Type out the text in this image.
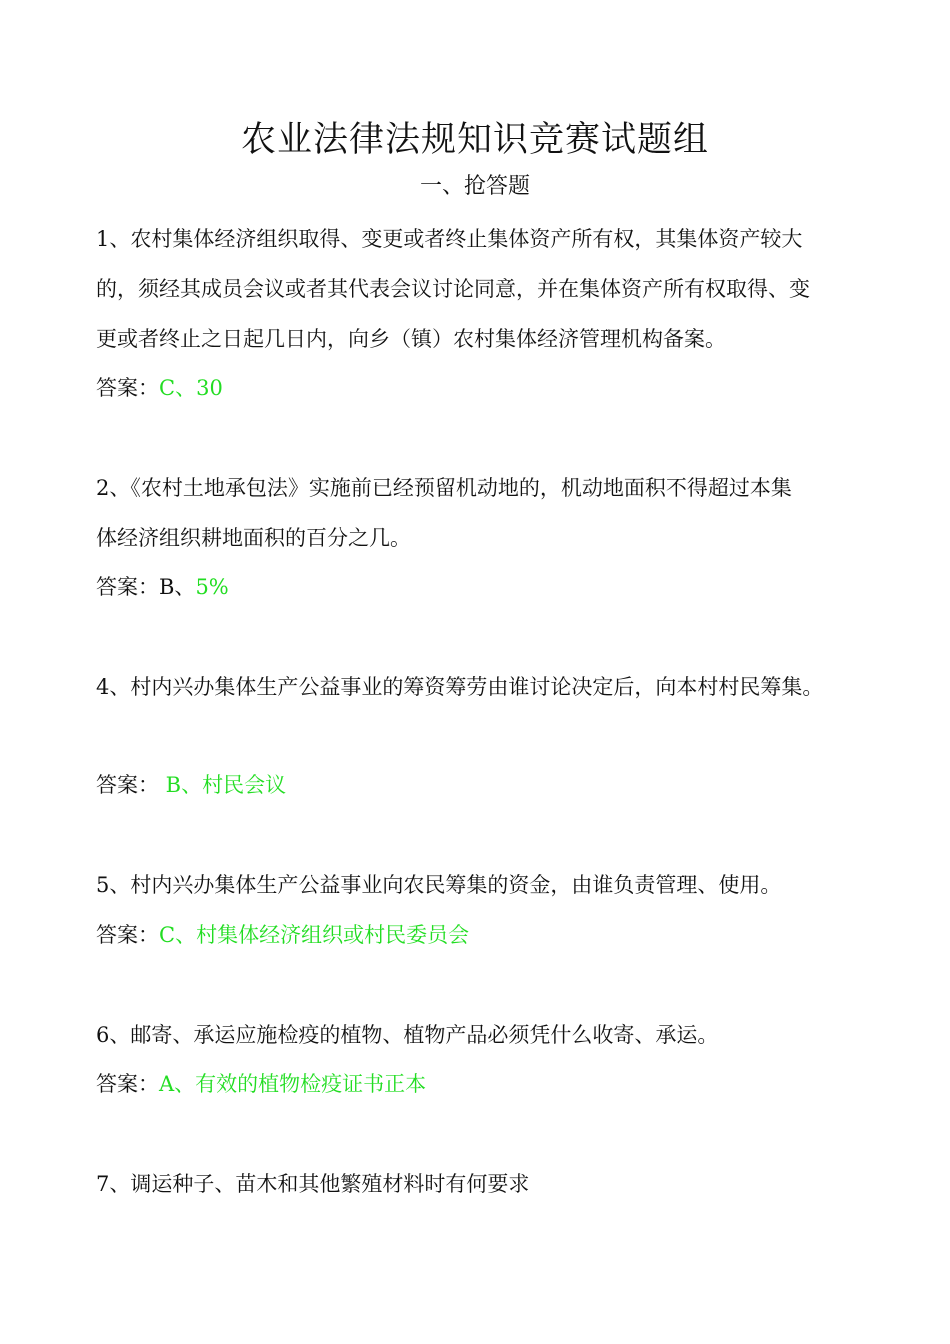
农业法律法规知识竞赛试题组
一、抢答题
1、农村集体经济组织取得、变更或者终止集体资产所有权，其集体资产较大
的，须经其成员会议或者其代表会议讨论同意，并在集体资产所有权取得、变
更或者终止之日起几日内，向乡（镇）农村集体经济管理机构备案。
答案：C、30
2、《农村土地承包法》实施前已经预留机动地的，机动地面积不得超过本集
体经济组织耕地面积的百分之几。
答案：B、5%
4、村内兴办集体生产公益事业的筹资筹劳由谁讨论决定后，向本村村民筹集。
答案： B、村民会议
5、村内兴办集体生产公益事业向农民筹集的资金，由谁负责管理、使用。
答案：C、村集体经济组织或村民委员会
6、邮寄、承运应施检疫的植物、植物产品必须凭什么收寄、承运。
答案：A、有效的植物检疫证书正本
7、调运种子、苗木和其他繁殖材料时有何要求
